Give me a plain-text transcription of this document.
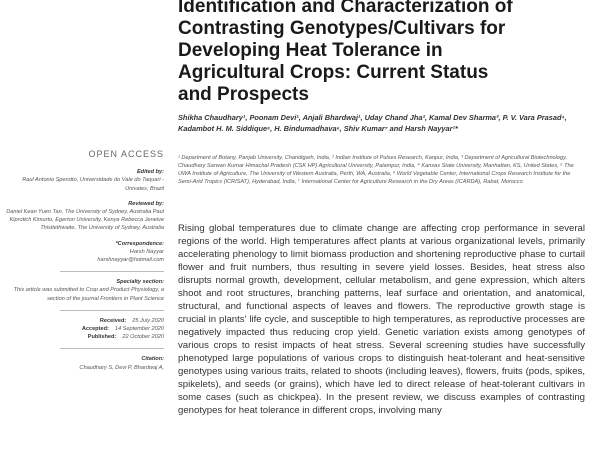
Identification and Characterization of
Contrasting Genotypes/Cultivars for
Developing Heat Tolerance in
Agricultural Crops: Current Status
and Prospects
Shikha Chaudhary¹, Poonam Devi¹, Anjali Bhardwaj¹, Uday Chand Jha², Kamal Dev Sharma³, P. V. Vara Prasad⁴, Kadambot H. M. Siddique⁵, H. Bindumadhava⁶, Shiv Kumar⁷ and Harsh Nayyar¹*
¹ Department of Botany, Panjab University, Chandigarh, India, ² Indian Institute of Pulses Research, Kanpur, India, ³ Department of Agricultural Biotechnology, Chaudhary Sarwan Kumar Himachal Pradesh (CSK HP) Agricultural University, Palampur, India, ⁴ Kansas State University, Manhattan, KS, United States, ⁵ The UWA Institute of Agriculture, The University of Western Australia, Perth, WA, Australia, ⁶ World Vegetable Center, International Crops Research Institute for the Semi-Arid Tropics (ICRISAT), Hyderabad, India, ⁷ International Center for Agriculture Research in the Dry Areas (ICARDA), Rabat, Morocco
Rising global temperatures due to climate change are affecting crop performance in several regions of the world. High temperatures affect plants at various organizational levels, primarily accelerating phenology to limit biomass production and shortening reproductive phase to curtail flower and fruit numbers, thus resulting in severe yield losses. Besides, heat stress also disrupts normal growth, development, cellular metabolism, and gene expression, which alters shoot and root structures, branching patterns, leaf surface and orientation, and anatomical, structural, and functional aspects of leaves and flowers. The reproductive growth stage is crucial in plants' life cycle, and susceptible to high temperatures, as reproductive processes are negatively impacted thus reducing crop yield. Genetic variation exists among genotypes of various crops to resist impacts of heat stress. Several screening studies have successfully phenotyped large populations of various crops to distinguish heat-tolerant and heat-sensitive genotypes using various traits, related to shoots (including leaves), flowers, fruits (pods, spikes, spikelets), and seeds (or grains), which have led to direct release of heat-tolerant cultivars in some cases (such as chickpea). In the present review, we discuss examples of contrasting genotypes for heat tolerance in different crops, involving many
OPEN ACCESS
Edited by:
Raul Antonio Sperotto, Universidade do Vale do Taquari - Univates, Brazil
Reviewed by:
Daniel Kean Yuen Tan, The University of Sydney, Australia Paul Kiprotich Kimurto, Egerton University, Kenya Rebecca Jeneive Thistlethwaite, The University of Sydney, Australia
*Correspondence:
Harsh Nayyar
harshnayyar@hotmail.com
Specialty section:
This article was submitted to Crop and Product Physiology, a section of the journal Frontiers in Plant Science
Received: 25 July 2020
Accepted: 14 September 2020
Published: 22 October 2020
Citation:
Chaudhary S, Devi P, Bhardwaj A,
